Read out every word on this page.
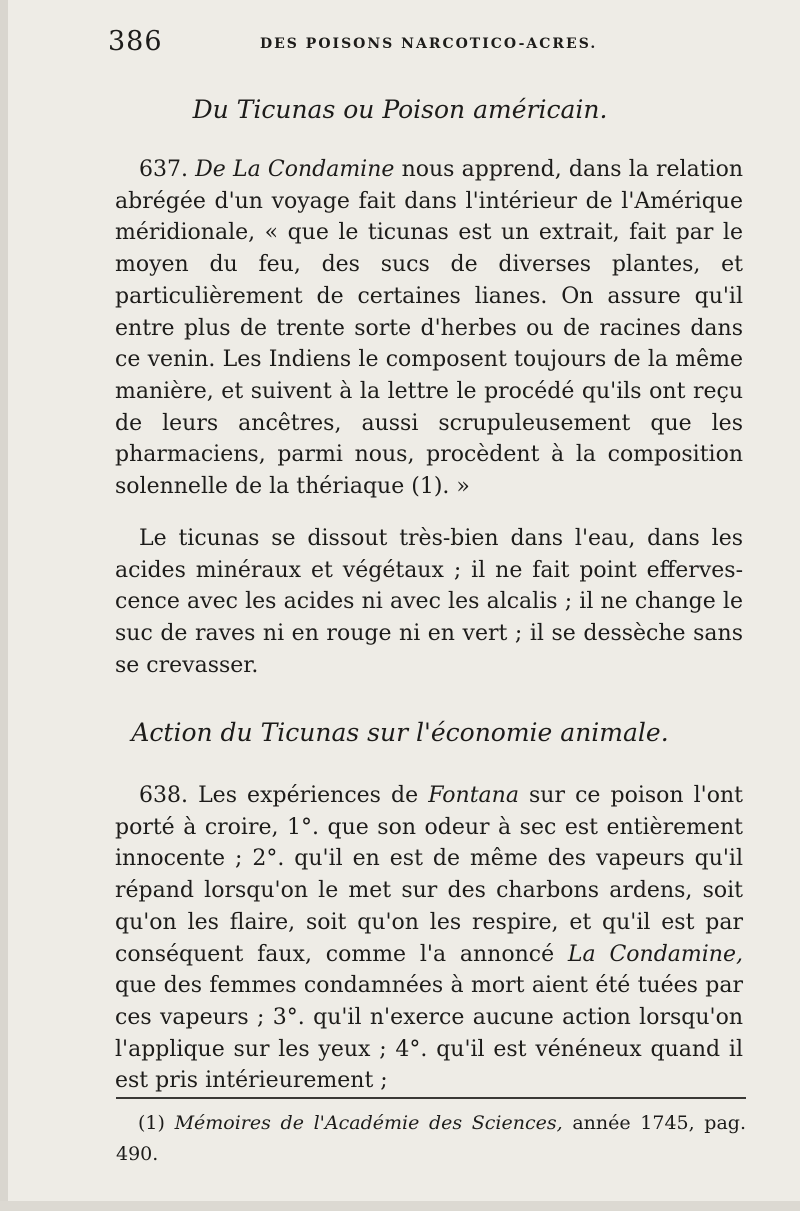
386	DES POISONS NARCOTICO-ACRES.
Du Ticunas ou Poison américain.

637. De La Condamine nous apprend, dans la relation abrégée d'un voyage fait dans l'intérieur de l'Amérique méridionale, « que le ticunas est un extrait, fait par le moyen du feu, des sucs de diverses plantes, et particulièrement de certaines lianes. On assure qu'il entre plus de trente sorte d'herbes ou de racines dans ce venin. Les Indiens le composent toujours de la même manière, et suivent à la lettre le procédé qu'ils ont reçu de leurs ancêtres, aussi scrupuleusement que les pharmaciens, parmi nous, procèdent à la composition solennelle de la thériaque (1). »

Le ticunas se dissout très-bien dans l'eau, dans les acides minéraux et végétaux ; il ne fait point effervescence avec les acides ni avec les alcalis ; il ne change le suc de raves ni en rouge ni en vert ; il se dessèche sans se crevasser.

Action du Ticunas sur l'économie animale.

638. Les expériences de Fontana sur ce poison l'ont porté à croire, 1°. que son odeur à sec est entièrement innocente ; 2°. qu'il en est de même des vapeurs qu'il répand lorsqu'on le met sur des charbons ardens, soit qu'on les flaire, soit qu'on les respire, et qu'il est par conséquent faux, comme l'a annoncé La Condamine, que des femmes condamnées à mort aient été tuées par ces vapeurs ; 3°. qu'il n'exerce aucune action lorsqu'on l'applique sur les yeux ; 4°. qu'il est vénéneux quand il est pris intérieurement ;

(1) Mémoires de l'Académie des Sciences, année 1745, pag. 490.
